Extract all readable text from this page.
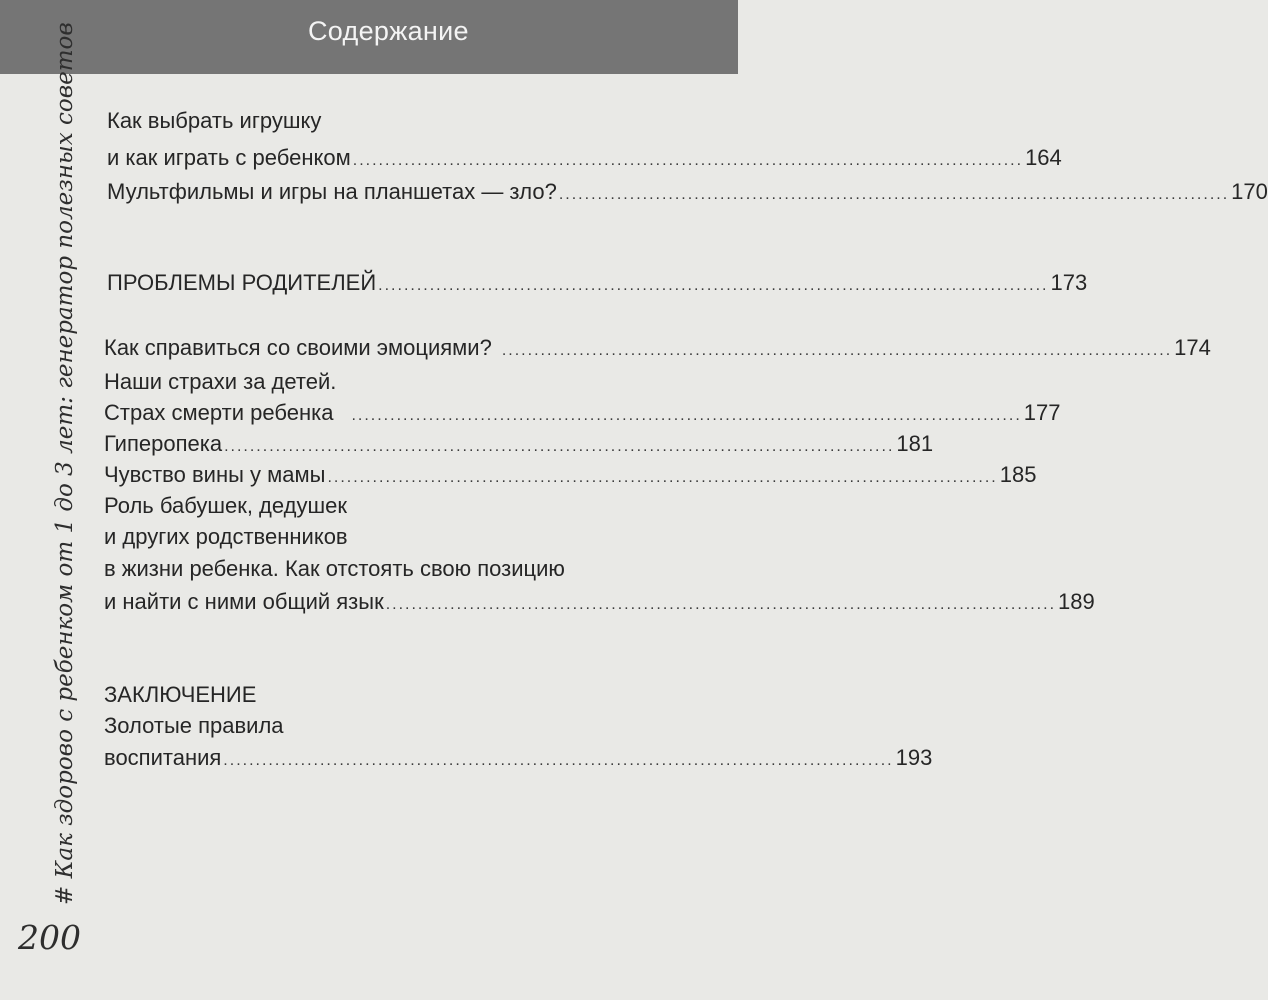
Содержание
# Как здорово с ребенком от 1 до 3 лет: генератор полезных советов
200
Как выбрать игрушку
и как играть с ребенком ........................................................................................................ 164
Мультфильмы и игры на планшетах — зло? ........................................................................................................ 170
ПРОБЛЕМЫ РОДИТЕЛЕЙ ........................................................................................................ 173
Как справиться со своими эмоциями? ........................................................................................................ 174
Наши страхи за детей.
Страх смерти ребенка ........................................................................................................ 177
Гиперопека ........................................................................................................ 181
Чувство вины у мамы ........................................................................................................ 185
Роль бабушек, дедушек
и других родственников
в жизни ребенка. Как отстоять свою позицию
и найти с ними общий язык ........................................................................................................ 189
ЗАКЛЮЧЕНИЕ
Золотые правила
воспитания ........................................................................................................ 193
